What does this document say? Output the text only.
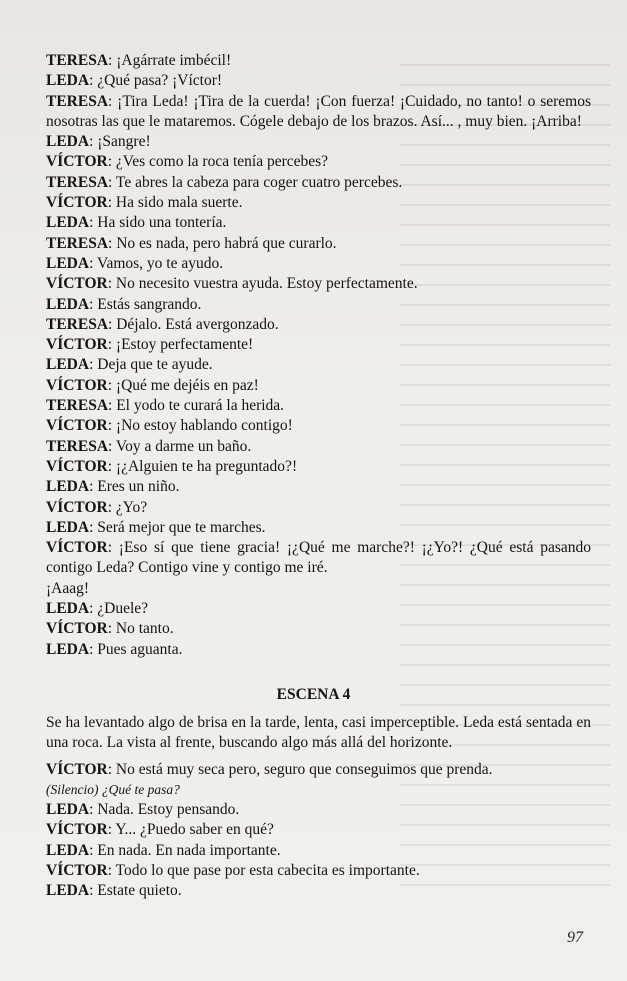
TERESA: ¡Agárrate imbécil!

LEDA: ¿Qué pasa? ¡Víctor!

TERESA: ¡Tira Leda! ¡Tira de la cuerda! ¡Con fuerza! ¡Cuidado, no tanto! o seremos nosotras las que le mataremos. Cógele debajo de los brazos. Así... , muy bien. ¡Arriba!

LEDA: ¡Sangre!

VÍCTOR: ¿Ves como la roca tenía percebes?

TERESA: Te abres la cabeza para coger cuatro percebes.

VÍCTOR: Ha sido mala suerte.

LEDA: Ha sido una tontería.

TERESA: No es nada, pero habrá que curarlo.

LEDA: Vamos, yo te ayudo.

VÍCTOR: No necesito vuestra ayuda. Estoy perfectamente.

LEDA: Estás sangrando.

TERESA: Déjalo. Está avergonzado.

VÍCTOR: ¡Estoy perfectamente!

LEDA: Deja que te ayude.

VÍCTOR: ¡Qué me dejéis en paz!

TERESA: El yodo te curará la herida.

VÍCTOR: ¡No estoy hablando contigo!

TERESA: Voy a darme un baño.

VÍCTOR: ¡¿Alguien te ha preguntado?!

LEDA: Eres un niño.

VÍCTOR: ¿Yo?

LEDA: Será mejor que te marches.

VÍCTOR: ¡Eso sí que tiene gracia! ¡¿Qué me marche?! ¡¿Yo?! ¿Qué está pasando contigo Leda? Contigo vine y contigo me iré.

¡Aaag!

LEDA: ¿Duele?

VÍCTOR: No tanto.

LEDA: Pues aguanta.

ESCENA 4

Se ha levantado algo de brisa en la tarde, lenta, casi imperceptible. Leda está sentada en una roca. La vista al frente, buscando algo más allá del horizonte.

VÍCTOR: No está muy seca pero, seguro que conseguimos que prenda.

(Silencio) ¿Qué te pasa?

LEDA: Nada. Estoy pensando.

VÍCTOR: Y... ¿Puedo saber en qué?

LEDA: En nada. En nada importante.

VÍCTOR: Todo lo que pase por esta cabecita es importante.

LEDA: Estate quieto.

97
